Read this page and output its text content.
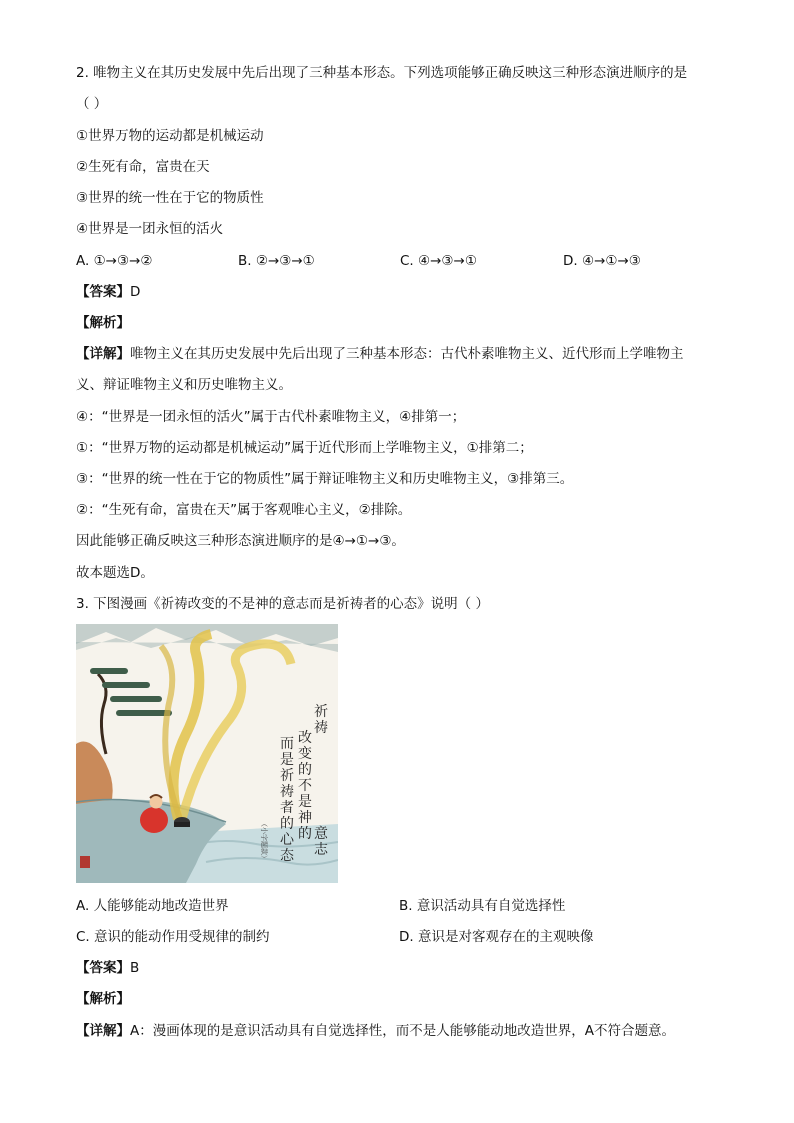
2. 唯物主义在其历史发展中先后出现了三种基本形态。下列选项能够正确反映这三种形态演进顺序的是
（ ）
①世界万物的运动都是机械运动
②生死有命，富贵在天
③世界的统一性在于它的物质性
④世界是一团永恒的活火
A. ①→③→②	B. ②→③→①	C. ④→③→①	D. ④→①→③
【答案】D
【解析】
【详解】唯物主义在其历史发展中先后出现了三种基本形态：古代朴素唯物主义、近代形而上学唯物主
义、辩证唯物主义和历史唯物主义。
④：“世界是一团永恒的活火”属于古代朴素唯物主义，④排第一；
①：“世界万物的运动都是机械运动”属于近代形而上学唯物主义，①排第二；
③：“世界的统一性在于它的物质性”属于辩证唯物主义和历史唯物主义，③排第三。
②：“生死有命，富贵在天”属于客观唯心主义，②排除。
因此能够正确反映这三种形态演进顺序的是④→①→③。
故本题选D。
3. 下图漫画《祈祷改变的不是神的意志而是祈祷者的心态》说明（ ）
祈
祷
改
变
的
不
是
神
的 意
志
而
是
祈
祷
者
的
心
态
（小字题款）
A. 人能够能动地改造世界	B. 意识活动具有自觉选择性
C. 意识的能动作用受规律的制约	D. 意识是对客观存在的主观映像
【答案】B
【解析】
【详解】A：漫画体现的是意识活动具有自觉选择性，而不是人能够能动地改造世界，A不符合题意。
